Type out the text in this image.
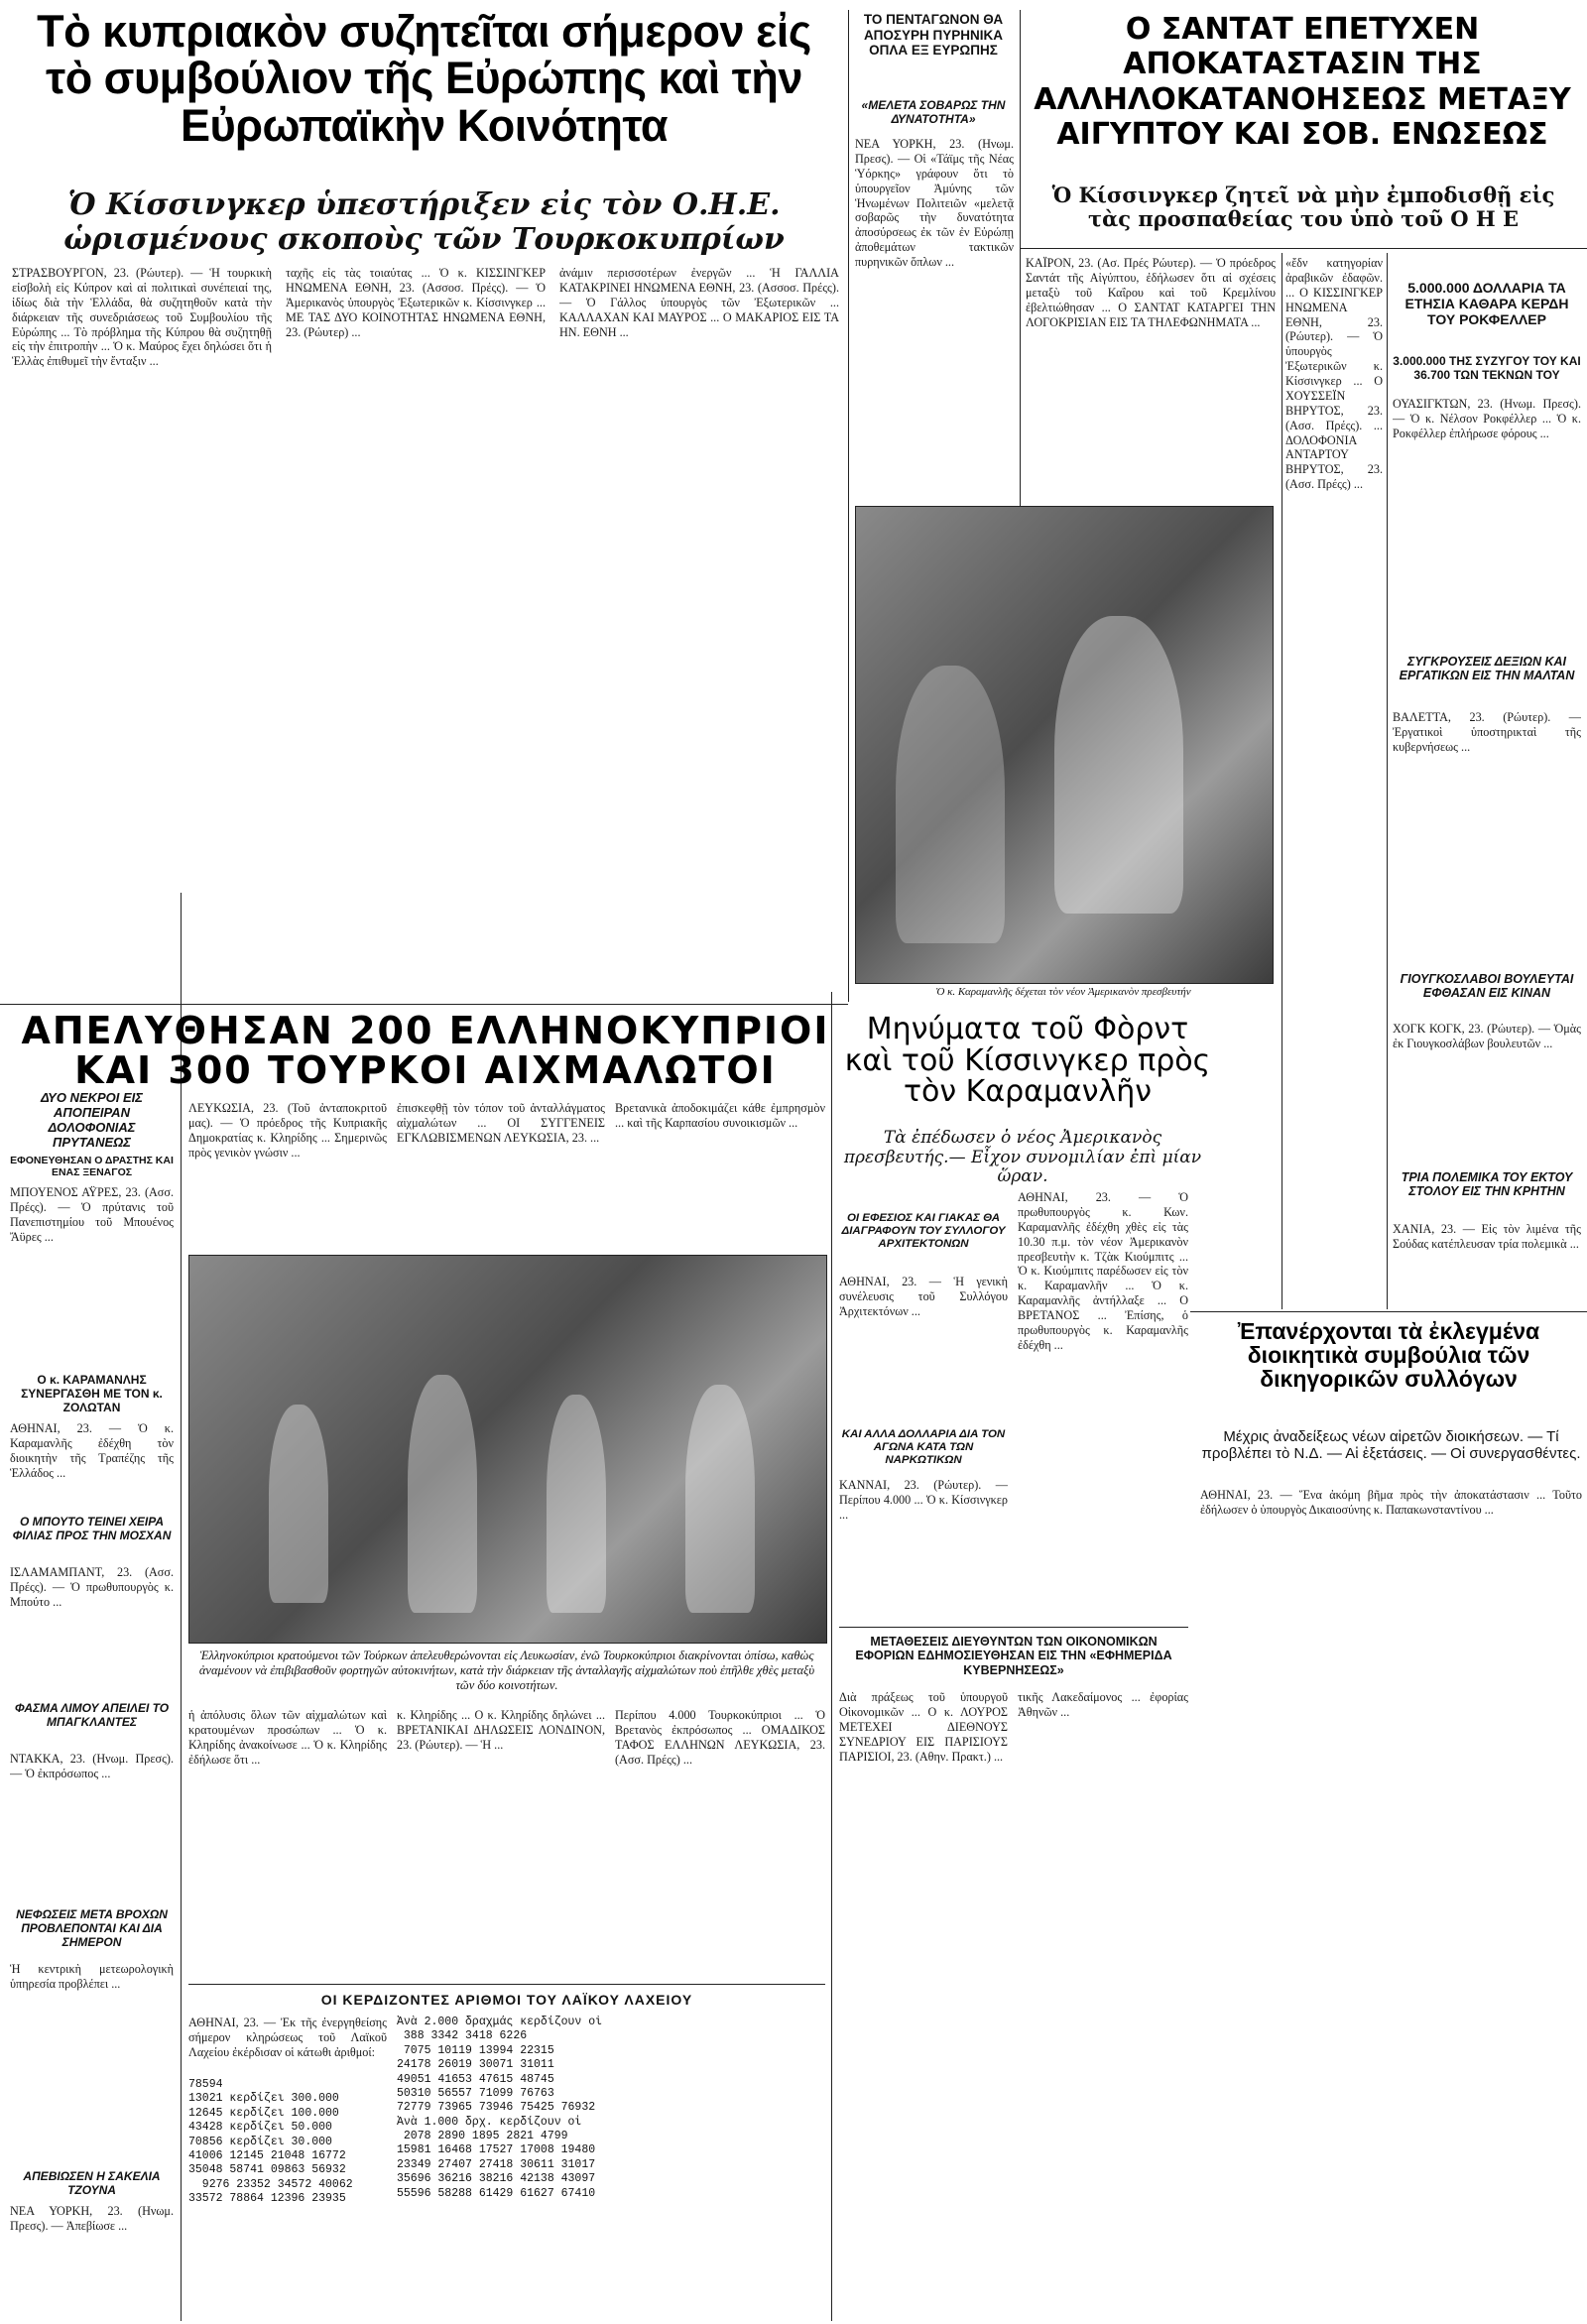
Τὸ κυπριακὸν συζητεῖται σήμερον εἰς τὸ συμβούλιον τῆς Εὐρώπης καὶ τὴν Εὐρωπαϊκὴν Κοινότητα
Ὁ Κίσσινγκερ ὑπεστήριξεν εἰς τὸν Ο.Η.Ε. ὡρισμένους σκοποὺς τῶν Τουρκοκυπρίων
ΣΤΡΑΣΒΟΥΡΓΟΝ, 23. (Ρώυτερ). — Ἡ τουρκικὴ εἰσβολὴ εἰς Κύπρον καὶ αἱ πολιτικαὶ συνέπειαί της, ἰδίως διὰ τὴν Ἑλλάδα, θὰ συζητηθοῦν κατὰ τὴν διάρκειαν τῆς συνεδριάσεως τοῦ Συμβουλίου τῆς Εὐρώπης ... Τὸ πρόβλημα τῆς Κύπρου θὰ συζητηθῇ εἰς τὴν ἐπιτροπὴν ... Ὁ κ. Μαύρος ἔχει δηλώσει ὅτι ἡ Ἑλλὰς ἐπιθυμεῖ τὴν ἔνταξιν ...
ταχῆς εἰς τὰς τοιαύτας ... Ὁ κ. ΚΙΣΣΙΝΓΚΕΡ ΗΝΩΜΕΝΑ ΕΘΝΗ, 23. (Ασσοσ. Πρέςς). — Ὁ Ἀμερικανὸς ὑπουργὸς Ἐξωτερικῶν κ. Κίσσινγκερ ... ΜΕ ΤΑΣ ΔΥΟ ΚΟΙΝΟΤΗΤΑΣ ΗΝΩΜΕΝΑ ΕΘΝΗ, 23. (Ρώυτερ) ...
ἀνάμιν περισσοτέρων ἐνεργῶν ... Ἡ ΓΑΛΛΙΑ ΚΑΤΑΚΡΙΝΕΙ ΗΝΩΜΕΝΑ ΕΘΝΗ, 23. (Ασσοσ. Πρέςς). — Ὁ Γάλλος ὑπουργὸς τῶν Ἐξωτερικῶν ... ΚΑΛΛΑΧΑΝ ΚΑΙ ΜΑΥΡΟΣ ... Ο ΜΑΚΑΡΙΟΣ ΕΙΣ ΤΑ ΗΝ. ΕΘΝΗ ...
ΤΟ ΠΕΝΤΑΓΩΝΟΝ ΘΑ ΑΠΟΣΥΡΗ ΠΥΡΗΝΙΚΑ ΟΠΛΑ ΕΞ ΕΥΡΩΠΗΣ
«ΜΕΛΕΤΑ ΣΟΒΑΡΩΣ ΤΗΝ ΔΥΝΑΤΟΤΗΤΑ»
ΝΕΑ ΥΟΡΚΗ, 23. (Ηνωμ. Πρεσς). — Οἱ «Τάϊμς τῆς Νέας Ὑόρκης» γράφουν ὅτι τὸ ὑπουργεῖον Ἀμύνης τῶν Ἡνωμένων Πολιτειῶν «μελετᾷ σοβαρῶς τὴν δυνατότητα ἀποσύρσεως ἐκ τῶν ἐν Εὐρώπῃ ἀποθεμάτων τακτικῶν πυρηνικῶν ὅπλων ...
Ὁ κ. Καραμανλῆς δέχεται τὸν νέον Ἀμερικανὸν πρεσβευτήν
Ο ΣΑΝΤΑΤ ΕΠΕΤΥΧΕΝ ΑΠΟΚΑΤΑΣΤΑΣΙΝ ΤΗΣ ΑΛΛΗΛΟΚΑΤΑΝΟΗΣΕΩΣ ΜΕΤΑΞΥ ΑΙΓΥΠΤΟΥ ΚΑΙ ΣΟΒ. ΕΝΩΣΕΩΣ
Ὁ Κίσσινγκερ ζητεῖ νὰ μὴν ἐμποδισθῇ εἰς τὰς προσπαθείας του ὑπὸ τοῦ Ο Η Ε
ΚΑΪΡΟΝ, 23. (Ασ. Πρές Ρώυτερ). — Ὁ πρόεδρος Σαντάτ τῆς Αἰγύπτου, ἐδήλωσεν ὅτι αἱ σχέσεις μεταξὺ τοῦ Καΐρου καὶ τοῦ Κρεμλίνου ἐβελτιώθησαν ... Ο ΣΑΝΤΑΤ ΚΑΤΑΡΓΕΙ ΤΗΝ ΛΟΓΟΚΡΙΣΙΑΝ ΕΙΣ ΤΑ ΤΗΛΕΦΩΝΗΜΑΤΑ ...
«ἔδν κατηγορίαν ἀραβικῶν ἐδαφῶν. ... Ο ΚΙΣΣΙΝΓΚΕΡ ΗΝΩΜΕΝΑ ΕΘΝΗ, 23. (Ρώυτερ). — Ὁ ὑπουργὸς Ἐξωτερικῶν κ. Κίσσινγκερ ... Ο ΧΟΥΣΣΕΪΝ ΒΗΡΥΤΟΣ, 23. (Ασσ. Πρέςς). ... ΔΟΛΟΦΟΝΙΑ ΑΝΤΑΡΤΟΥ ΒΗΡΥΤΟΣ, 23. (Ασσ. Πρέςς) ...
5.000.000 ΔΟΛΛΑΡΙΑ ΤΑ ΕΤΗΣΙΑ ΚΑΘΑΡΑ ΚΕΡΔΗ ΤΟΥ ΡΟΚΦΕΛΛΕΡ
3.000.000 ΤΗΣ ΣΥΖΥΓΟΥ ΤΟΥ ΚΑΙ 36.700 ΤΩΝ ΤΕΚΝΩΝ ΤΟΥ
ΟΥΑΣΙΓΚΤΩΝ, 23. (Ηνωμ. Πρεσς). — Ὁ κ. Νέλσον Ροκφέλλερ ... Ὁ κ. Ροκφέλλερ ἐπλήρωσε φόρους ...
ΣΥΓΚΡΟΥΣΕΙΣ ΔΕΞΙΩΝ ΚΑΙ ΕΡΓΑΤΙΚΩΝ ΕΙΣ ΤΗΝ ΜΑΛΤΑΝ
ΒΑΛΕΤΤΑ, 23. (Ρώυτερ). — Ἐργατικοὶ ὑποστηρικταὶ τῆς κυβερνήσεως ...
ΓΙΟΥΓΚΟΣΛΑΒΟΙ ΒΟΥΛΕΥΤΑΙ ΕΦΘΑΣΑΝ ΕΙΣ ΚΙΝΑΝ
ΧΟΓΚ ΚΟΓΚ, 23. (Ρώυτερ). — Ὁμὰς ἐκ Γιουγκοσλάβων βουλευτῶν ...
ΤΡΙΑ ΠΟΛΕΜΙΚΑ ΤΟΥ ΕΚΤΟΥ ΣΤΟΛΟΥ ΕΙΣ ΤΗΝ ΚΡΗΤΗΝ
ΧΑΝΙΑ, 23. — Εἰς τὸν λιμένα τῆς Σούδας κατέπλευσαν τρία πολεμικὰ ...
Ἐπανέρχονται τὰ ἐκλεγμένα διοικητικὰ συμβούλια τῶν δικηγορικῶν συλλόγων
Μέχρις ἀναδείξεως νέων αἱρετῶν διοικήσεων. — Τί προβλέπει τὸ Ν.Δ. — Αἱ ἐξετάσεις. — Οἱ συνεργασθέντες.
ΑΘΗΝΑΙ, 23. — Ἕνα ἀκόμη βῆμα πρὸς τὴν ἀποκατάστασιν ... Τοῦτο ἐδήλωσεν ὁ ὑπουργὸς Δικαιοσύνης κ. Παπακωνσταντίνου ...
ΑΠΕΛΥΘΗΣΑΝ 200 ΕΛΛΗΝΟΚΥΠΡΙΟΙ ΚΑΙ 300 ΤΟΥΡΚΟΙ ΑΙΧΜΑΛΩΤΟΙ
ΛΕΥΚΩΣΙΑ, 23. (Τοῦ ἀνταποκριτοῦ μας). — Ὁ πρόεδρος τῆς Κυπριακῆς Δημοκρατίας κ. Κληρίδης ... Σημερινῶς πρὸς γενικὸν γνώσιν ...
ἐπισκεφθῇ τὸν τόπον τοῦ ἀνταλλάγματος αἰχμαλώτων ... ΟΙ ΣΥΓΓΕΝΕΙΣ ΕΓΚΛΩΒΙΣΜΕΝΩΝ ΛΕΥΚΩΣΙΑ, 23. ...
Βρετανικὰ ἀποδοκιμάζει κάθε ἐμπρησμὸν ... καὶ τῆς Καρπασίου συνοικισμῶν ...
Ἑλληνοκύπριοι κρατούμενοι τῶν Τούρκων ἀπελευθερώνονται εἰς Λευκωσίαν, ἐνῶ Τουρκοκύπριοι διακρίνονται ὀπίσω, καθὼς ἀναμένουν νὰ ἐπιβιβασθοῦν φορτηγῶν αὐτοκινήτων, κατὰ τὴν διάρκειαν τῆς ἀνταλλαγῆς αἰχμαλώτων ποὺ ἐπῆλθε χθὲς μεταξὺ τῶν δύο κοινοτήτων.
ἡ ἀπόλυσις ὅλων τῶν αἰχμαλώτων καὶ κρατουμένων προσώπων ... Ὁ κ. Κληρίδης ἀνακοίνωσε ... Ὁ κ. Κληρίδης ἐδήλωσε ὅτι ...
κ. Κληρίδης ... Ο κ. Κληρίδης δηλώνει ... ΒΡΕΤΑΝΙΚΑΙ ΔΗΛΩΣΕΙΣ ΛΟΝΔΙΝΟΝ, 23. (Ρώυτερ). — Ἡ ...
Περίπου 4.000 Τουρκοκύπριοι ... Ὁ Βρετανὸς ἐκπρόσωπος ... ΟΜΑΔΙΚΟΣ ΤΑΦΟΣ ΕΛΛΗΝΩΝ ΛΕΥΚΩΣΙΑ, 23. (Ασσ. Πρέςς) ...
ΟΙ ΚΕΡΔΙΖΟΝΤΕΣ ΑΡΙΘΜΟΙ ΤΟΥ ΛΑΪΚΟΥ ΛΑΧΕΙΟΥ
ΑΘΗΝΑΙ, 23. — Ἐκ τῆς ἐνεργηθείσης σήμερον κληρώσεως τοῦ Λαϊκοῦ Λαχείου ἐκέρδισαν οἱ κάτωθι ἀριθμοί:
78594
13021 κερδίζει 300.000
12645 κερδίζει 100.000
43428 κερδίζει 50.000
70856 κερδίζει 30.000
41006 12145 21048 16772
35048 58741 09863 56932
9276 23352 34572 40062
33572 78864 12396 23935
Ἀνὰ 2.000 δραχμάς κερδίζουν οἱ
388 3342 3418 6226
7075 10119 13994 22315
24178 26019 30071 31011
49051 41653 47615 48745
50310 56557 71099 76763
72779 73965 73946 75425 76932
Ἀνὰ 1.000 δρχ. κερδίζουν οἱ
2078 2890 1895 2821 4799
15981 16468 17527 17008 19480
23349 27407 27418 30611 31017
35696 36216 38216 42138 43097
55596 58288 61429 61627 67410
ΔΥΟ ΝΕΚΡΟΙ ΕΙΣ ΑΠΟΠΕΙΡΑΝ ΔΟΛΟΦΟΝΙΑΣ ΠΡΥΤΑΝΕΩΣ
ΕΦΟΝΕΥΘΗΣΑΝ Ο ΔΡΑΣΤΗΣ ΚΑΙ ΕΝΑΣ ΞΕΝΑΓΟΣ
ΜΠΟΥΕΝΟΣ ΑΫΡΕΣ, 23. (Ασσ. Πρέςς). — Ὁ πρύτανις τοῦ Πανεπιστημίου τοῦ Μπουένος Ἄϋρες ...
Ο κ. ΚΑΡΑΜΑΝΛΗΣ ΣΥΝΕΡΓΑΣΘΗ ΜΕ ΤΟΝ κ. ΖΟΛΩΤΑΝ
ΑΘΗΝΑΙ, 23. — Ὁ κ. Καραμανλῆς ἐδέχθη τὸν διοικητὴν τῆς Τραπέζης τῆς Ἑλλάδος ...
Ο ΜΠΟΥΤΟ ΤΕΙΝΕΙ ΧΕΙΡΑ ΦΙΛΙΑΣ ΠΡΟΣ ΤΗΝ ΜΟΣΧΑΝ
ΙΣΛΑΜΑΜΠΑΝΤ, 23. (Ασσ. Πρέςς). — Ὁ πρωθυπουργὸς κ. Μπούτο ...
ΦΑΣΜΑ ΛΙΜΟΥ ΑΠΕΙΛΕΙ ΤΟ ΜΠΑΓΚΛΑΝΤΕΣ
ΝΤΑΚΚΑ, 23. (Ηνωμ. Πρεσς). — Ὁ ἐκπρόσωπος ...
ΝΕΦΩΣΕΙΣ ΜΕΤΑ ΒΡΟΧΩΝ ΠΡΟΒΛΕΠΟΝΤΑΙ ΚΑΙ ΔΙΑ ΣΗΜΕΡΟΝ
Ἡ κεντρικὴ μετεωρολογικὴ ὑπηρεσία προβλέπει ...
ΑΠΕΒΙΩΣΕΝ Η ΣΑΚΕΛΙΑ ΤΖΟΥΝΑ
ΝΕΑ ΥΟΡΚΗ, 23. (Ηνωμ. Πρεσς). — Ἀπεβίωσε ...
Μηνύματα τοῦ Φὸρντ καὶ τοῦ Κίσσινγκερ πρὸς τὸν Καραμανλῆν
Τὰ ἐπέδωσεν ὁ νέος Ἀμερικανὸς πρεσβευτής.— Εἶχον συνομιλίαν ἐπὶ μίαν ὥραν.
ΟΙ ΕΦΕΣΙΟΣ ΚΑΙ ΓΙΑΚΑΣ ΘΑ ΔΙΑΓΡΑΦΟΥΝ ΤΟΥ ΣΥΛΛΟΓΟΥ ΑΡΧΙΤΕΚΤΟΝΩΝ
ΑΘΗΝΑΙ, 23. — Ἡ γενικὴ συνέλευσις τοῦ Συλλόγου Ἀρχιτεκτόνων ...
ΚΑΙ ΑΛΛΑ ΔΟΛΛΑΡΙΑ ΔΙΑ ΤΟΝ ΑΓΩΝΑ ΚΑΤΑ ΤΩΝ ΝΑΡΚΩΤΙΚΩΝ
ΚΑΝΝΑΙ, 23. (Ρώυτερ). — Περίπου 4.000 ... Ὁ κ. Κίσσινγκερ ...
ΑΘΗΝΑΙ, 23. — Ὁ πρωθυπουργὸς κ. Κων. Καραμανλῆς ἐδέχθη χθὲς εἰς τὰς 10.30 π.μ. τὸν νέον Ἀμερικανὸν πρεσβευτὴν κ. Τζὰκ Κιούμπιτς ... Ὁ κ. Κιούμπιτς παρέδωσεν εἰς τὸν κ. Καραμανλῆν ... Ὁ κ. Καραμανλῆς ἀντήλλαξε ... Ο ΒΡΕΤΑΝΟΣ ... Ἐπίσης, ὁ πρωθυπουργὸς κ. Καραμανλῆς ἐδέχθη ...
ΜΕΤΑΘΕΣΕΙΣ ΔΙΕΥΘΥΝΤΩΝ ΤΩΝ ΟΙΚΟΝΟΜΙΚΩΝ ΕΦΟΡΙΩΝ ΕΔΗΜΟΣΙΕΥΘΗΣΑΝ ΕΙΣ ΤΗΝ «ΕΦΗΜΕΡΙΔΑ ΚΥΒΕΡΝΗΣΕΩΣ»
Διὰ πράξεως τοῦ ὑπουργοῦ Οἰκονομικῶν ... Ο κ. ΛΟΥΡΟΣ ΜΕΤΕΧΕΙ ΔΙΕΘΝΟΥΣ ΣΥΝΕΔΡΙΟΥ ΕΙΣ ΠΑΡΙΣΙΟΥΣ ΠΑΡΙΣΙΟΙ, 23. (Αθην. Πρακτ.) ...
τικῆς Λακεδαίμονος ... ἐφορίας Ἀθηνῶν ...
